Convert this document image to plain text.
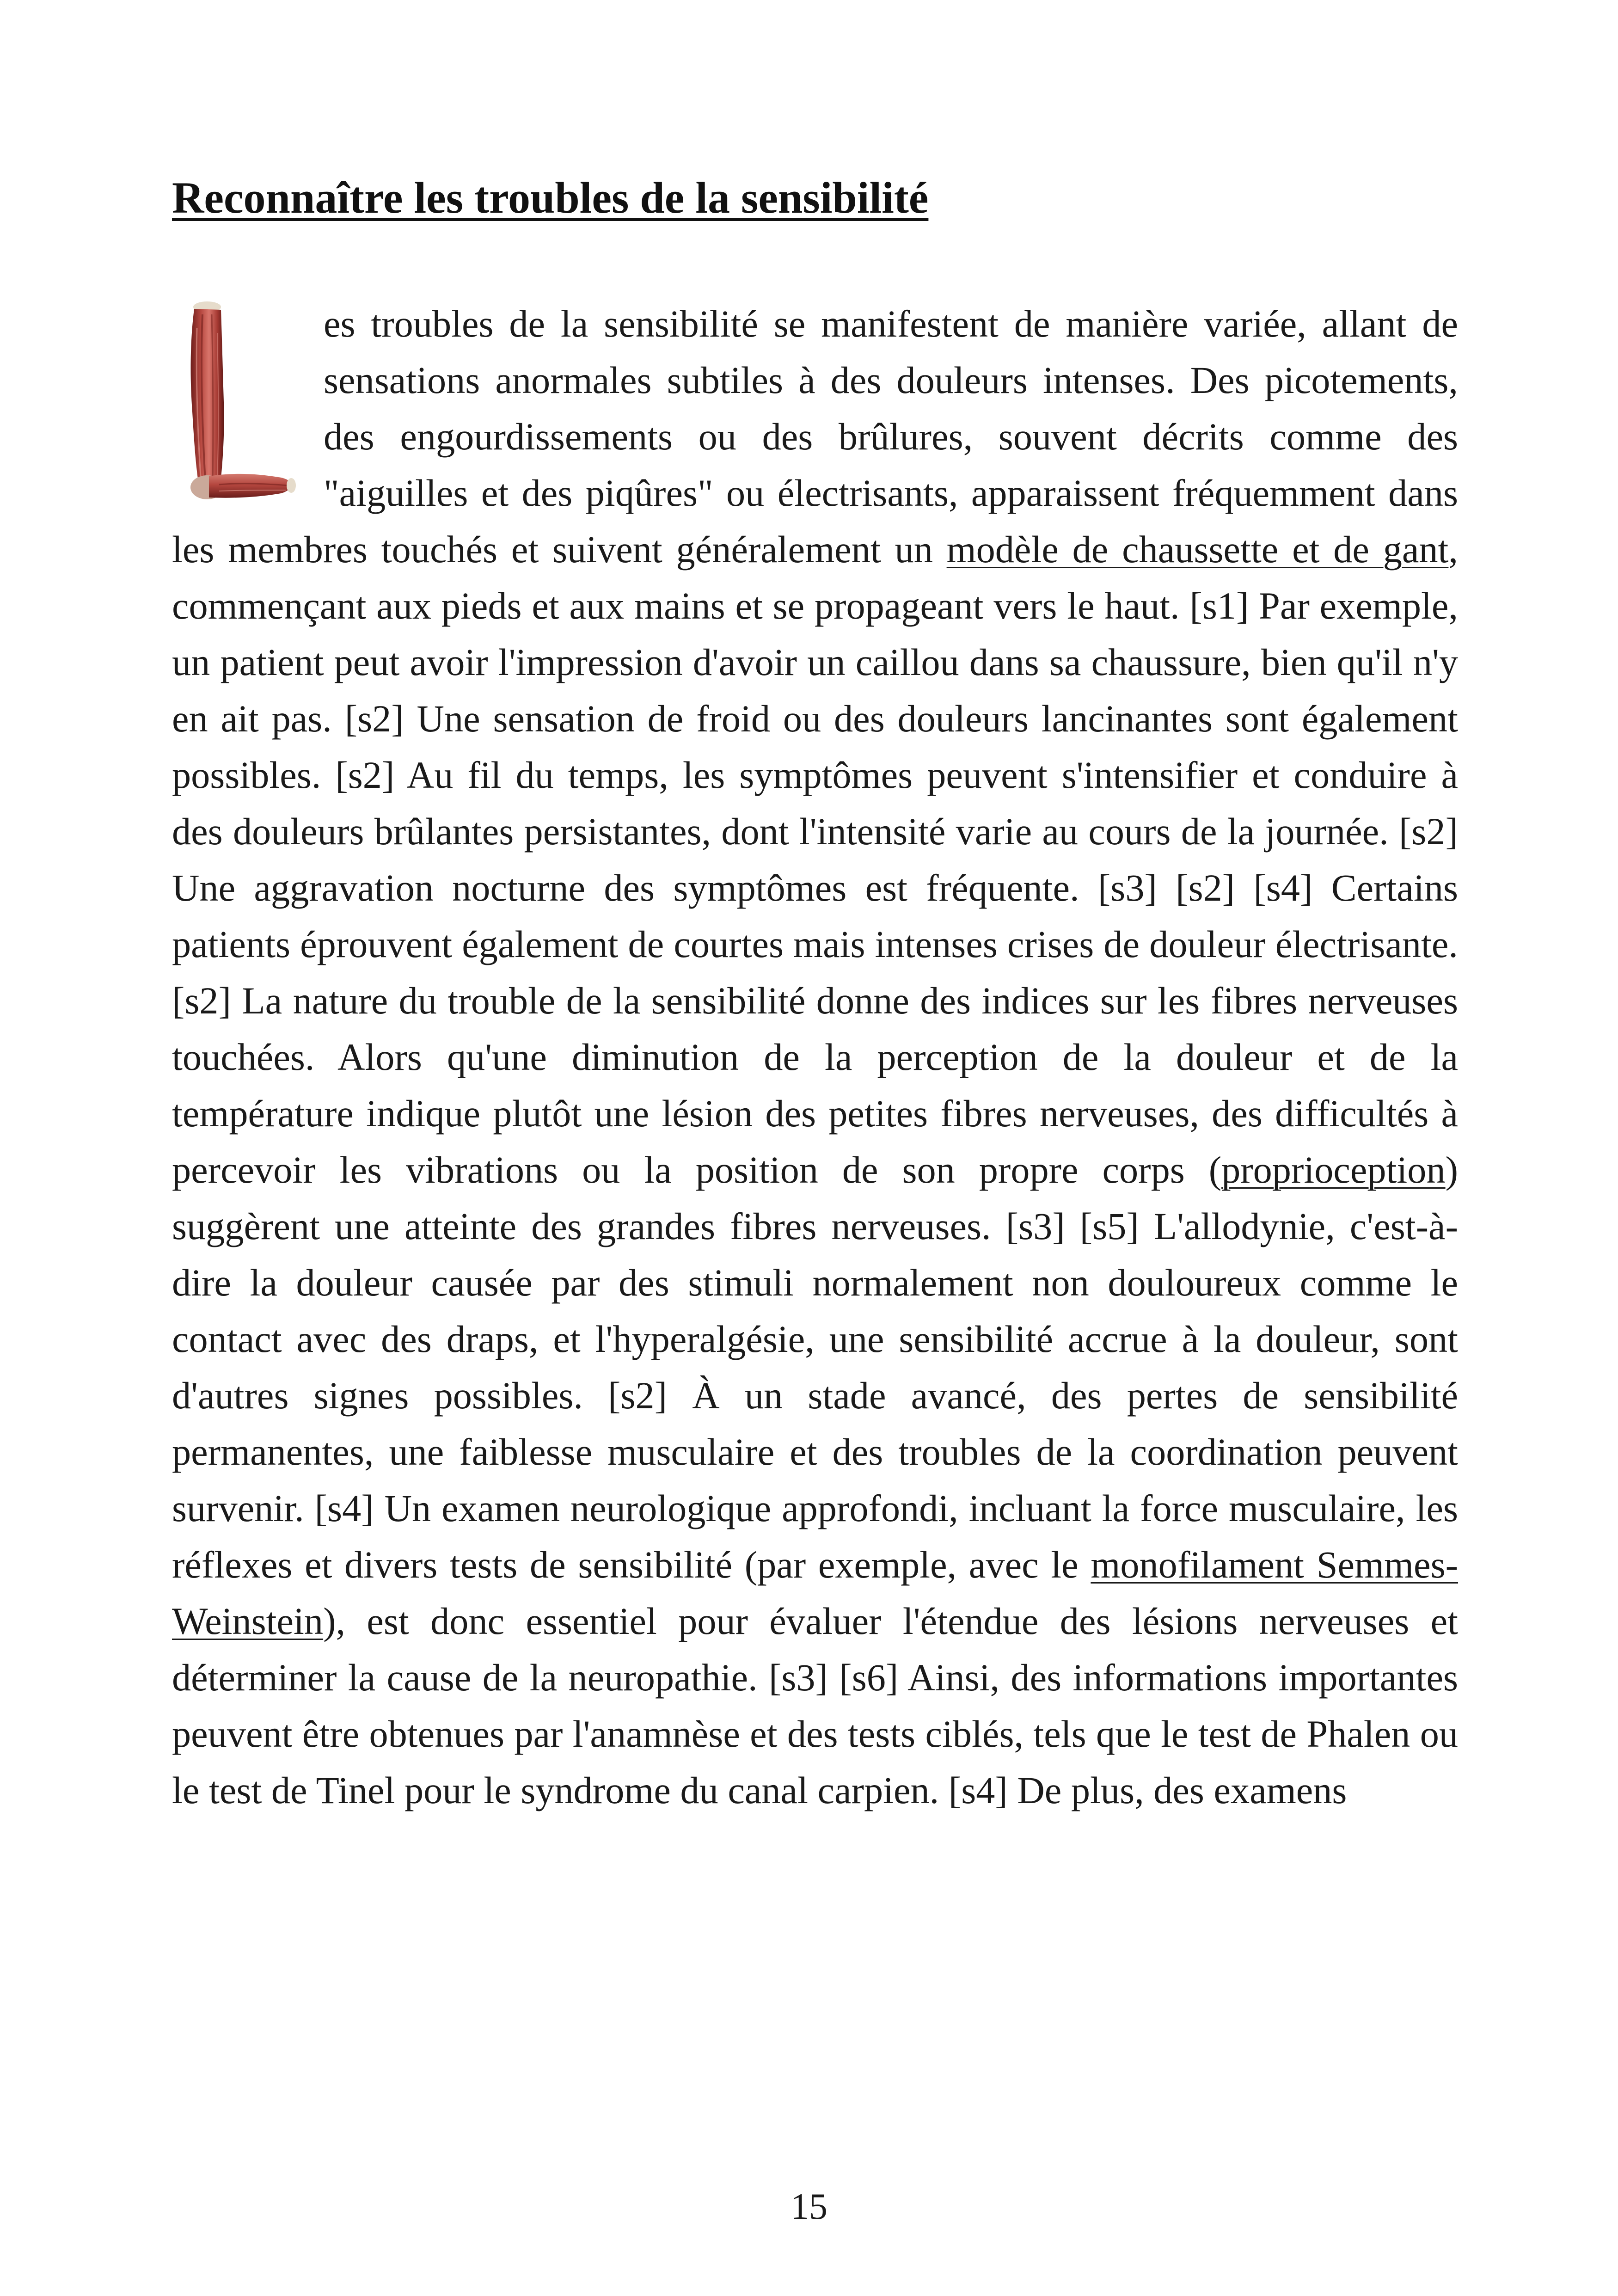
Reconnaître les troubles de la sensibilité

es troubles de la sensibilité se manifestent de manière variée, allant de sensations anormales subtiles à des douleurs intenses. Des picotements, des engourdissements ou des brûlures, souvent décrits comme des "aiguilles et des piqûres" ou électrisants, apparaissent fréquemment dans les membres touchés et suivent généralement un modèle de chaussette et de gant, commençant aux pieds et aux mains et se propageant vers le haut. [s1] Par exemple, un patient peut avoir l'impression d'avoir un caillou dans sa chaussure, bien qu'il n'y en ait pas. [s2] Une sensation de froid ou des douleurs lancinantes sont également possibles. [s2] Au fil du temps, les symptômes peuvent s'intensifier et conduire à des douleurs brûlantes persistantes, dont l'intensité varie au cours de la journée. [s2] Une aggravation nocturne des symptômes est fréquente. [s3] [s2] [s4] Certains patients éprouvent également de courtes mais intenses crises de douleur électrisante. [s2] La nature du trouble de la sensibilité donne des indices sur les fibres nerveuses touchées. Alors qu'une diminution de la perception de la douleur et de la température indique plutôt une lésion des petites fibres nerveuses, des difficultés à percevoir les vibrations ou la position de son propre corps (proprioception) suggèrent une atteinte des grandes fibres nerveuses. [s3] [s5] L'allodynie, c'est-à-dire la douleur causée par des stimuli normalement non douloureux comme le contact avec des draps, et l'hyperalgésie, une sensibilité accrue à la douleur, sont d'autres signes possibles. [s2] À un stade avancé, des pertes de sensibilité permanentes, une faiblesse musculaire et des troubles de la coordination peuvent survenir. [s4] Un examen neurologique approfondi, incluant la force musculaire, les réflexes et divers tests de sensibilité (par exemple, avec le monofilament Semmes-Weinstein), est donc essentiel pour évaluer l'étendue des lésions nerveuses et déterminer la cause de la neuropathie. [s3] [s6] Ainsi, des informations importantes peuvent être obtenues par l'anamnèse et des tests ciblés, tels que le test de Phalen ou le test de Tinel pour le syndrome du canal carpien. [s4] De plus, des examens

15
